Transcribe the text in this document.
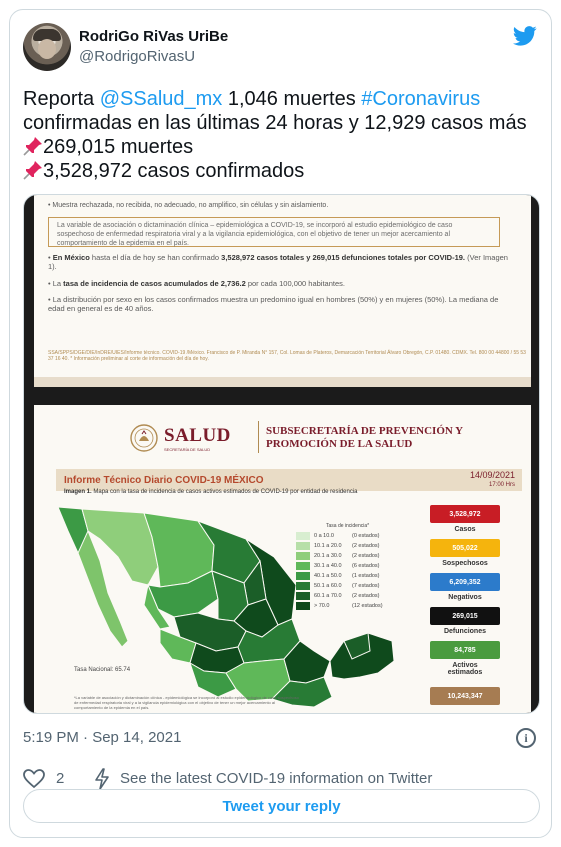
RodriGo RiVas UriBe
@RodrigoRivasU
Reporta @SSalud_mx 1,046 muertes #Coronavirus
confirmadas en las últimas 24 horas y 12,929 casos más
269,015 muertes
3,528,972 casos confirmados
• Muestra rechazada, no recibida, no adecuado, no amplifico, sin células y sin aislamiento.
La variable de asociación o dictaminación clínica – epidemiológica a COVID-19, se incorporó al estudio epidemiológico de caso sospechoso de enfermedad respiratoria viral y a la vigilancia epidemiológica, con el objetivo de tener un mejor acercamiento al comportamiento de la epidemia en el país.
• En México hasta el día de hoy se han confirmado 3,528,972 casos totales y 269,015 defunciones totales por COVID-19. (Ver Imagen 1).
• La tasa de incidencia de casos acumulados de 2,736.2 por cada 100,000 habitantes.
• La distribución por sexo en los casos confirmados muestra un predomino igual en hombres (50%) y en mujeres (50%). La mediana de edad en general es de 40 años.
SSA/SPPS/DGE/DIE/InDRE/UIES/Informe técnico. COVID-19 /México. Francisco de P. Miranda N° 157, Col. Lomas de Plateros, Demarcación Territorial Álvaro Obregón, C.P. 01480. CDMX. Tel. 800 00 44800 / 55 53 37 16 40. * Información preliminar al corte de información del día de hoy.
SALUD
SECRETARÍA DE SALUD
SUBSECRETARÍA DE PREVENCIÓN Y
PROMOCIÓN DE LA SALUD
Informe Técnico Diario COVID-19 MÉXICO	14/09/2021
17:00 Hrs
Imagen 1. Mapa con la tasa de incidencia de casos activos estimados de COVID-19 por entidad de residencia
Tasa de incidencia*
0 a 10.0	(0 estados)
10.1 a 20.0	(2 estados)
20.1 a 30.0	(2 estados)
30.1 a 40.0	(6 estados)
40.1 a 50.0	(1 estados)
50.1 a 60.0	(7 estados)
60.1 a 70.0	(2 estados)
> 70.0	(12 estados)
Tasa Nacional: 65.74
*La variable de asociación y dictaminación clínica - epidemiológica se incorporó al estudio epidemiológico de caso sospechoso de enfermedad respiratoria viral y a la vigilancia epidemiológica con el objetivo de tener un mejor acercamiento al comportamiento de la epidemia en el país.
3,528,972
Casos
505,022
Sospechosos
6,209,352
Negativos
269,015
Defunciones
84,785
Activos estimados
10,243,347
5:19 PM · Sep 14, 2021	i
2	See the latest COVID-19 information on Twitter
Tweet your reply
